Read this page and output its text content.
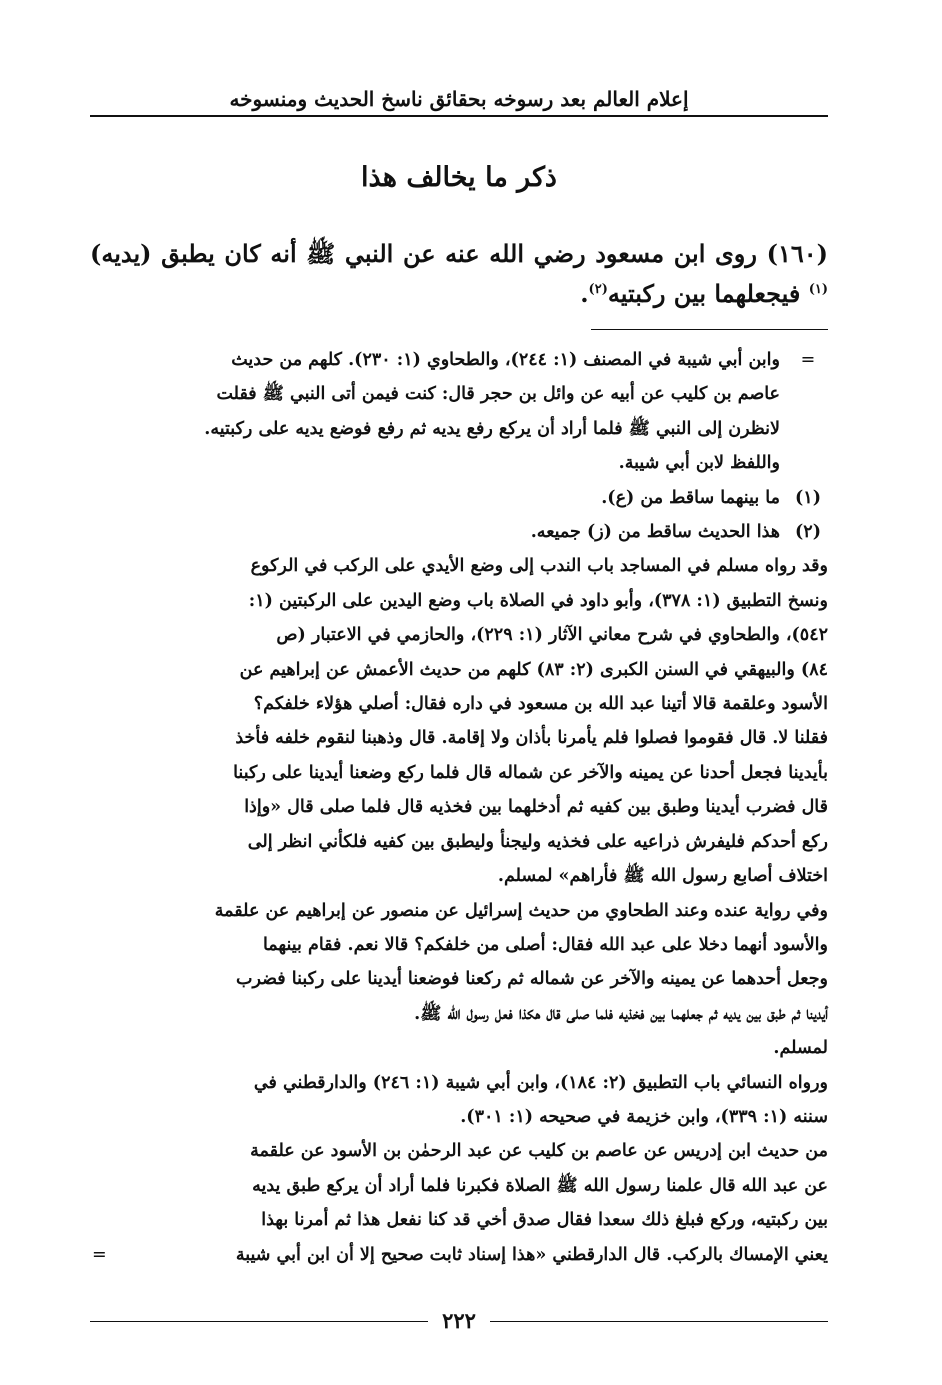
إعلام العالم بعد رسوخه بحقائق ناسخ الحديث ومنسوخه
ذكر ما يخالف هذا
(١٦٠) روى ابن مسعود رضي الله عنه عن النبي ﷺ أنه كان يطبق (يديه)$^{(١)}$ فيجعلهما بين ركبتيه$^{(٢)}$.
=
وابن أبي شيبة في المصنف (١: ٢٤٤)، والطحاوي (١: ٢٣٠). كلهم من حديث
عاصم بن كليب عن أبيه عن وائل بن حجر قال: كنت فيمن أتى النبي ﷺ فقلت
لانظرن إلى النبي ﷺ فلما أراد أن يركع رفع يديه ثم رفع فوضع يديه على ركبتيه.
واللفظ لابن أبي شيبة.
(١)
ما بينهما ساقط من (ع).
(٢)
هذا الحديث ساقط من (ز) جميعه.
وقد رواه مسلم في المساجد باب الندب إلى وضع الأيدي على الركب في الركوع
ونسخ التطبيق (١: ٣٧٨)، وأبو داود في الصلاة باب وضع اليدين على الركبتين (١:
٥٤٢)، والطحاوي في شرح معاني الآثار (١: ٢٢٩)، والحازمي في الاعتبار (ص
٨٤) والبيهقي في السنن الكبرى (٢: ٨٣) كلهم من حديث الأعمش عن إبراهيم عن
الأسود وعلقمة قالا أتينا عبد الله بن مسعود في داره فقال: أصلي هؤلاء خلفكم؟
فقلنا لا. قال فقوموا فصلوا فلم يأمرنا بأذان ولا إقامة. قال وذهبنا لنقوم خلفه فأخذ
بأيدينا فجعل أحدنا عن يمينه والآخر عن شماله قال فلما ركع وضعنا أيدينا على ركبنا
قال فضرب أيدينا وطبق بين كفيه ثم أدخلهما بين فخذيه قال فلما صلى قال «وإذا
ركع أحدكم فليفرش ذراعيه على فخذيه وليجنأ وليطبق بين كفيه فلكأني انظر إلى
اختلاف أصابع رسول الله ﷺ فأراهم» لمسلم.
وفي رواية عنده وعند الطحاوي من حديث إسرائيل عن منصور عن إبراهيم عن علقمة
والأسود أنهما دخلا على عبد الله فقال: أصلى من خلفكم؟ قالا نعم. فقام بينهما
وجعل أحدهما عن يمينه والآخر عن شماله ثم ركعنا فوضعنا أيدينا على ركبنا فضرب
أيدينا ثم طبق بين يديه ثم جعلهما بين فخذيه فلما صلى قال هكذا فعل رسول الله ﷺ.
لمسلم.
ورواه النسائي باب التطبيق (٢: ١٨٤)، وابن أبي شيبة (١: ٢٤٦) والدارقطني في
سننه (١: ٣٣٩)، وابن خزيمة في صحيحه (١: ٣٠١).
من حديث ابن إدريس عن عاصم بن كليب عن عبد الرحمٰن بن الأسود عن علقمة
عن عبد الله قال علمنا رسول الله ﷺ الصلاة فكبرنا فلما أراد أن يركع طبق يديه
بين ركبتيه، وركع فبلغ ذلك سعدا فقال صدق أخي قد كنا نفعل هذا ثم أمرنا بهذا
يعني الإمساك بالركب. قال الدارقطني «هذا إسناد ثابت صحيح إلا أن ابن أبي شيبة
=
٢٢٢
